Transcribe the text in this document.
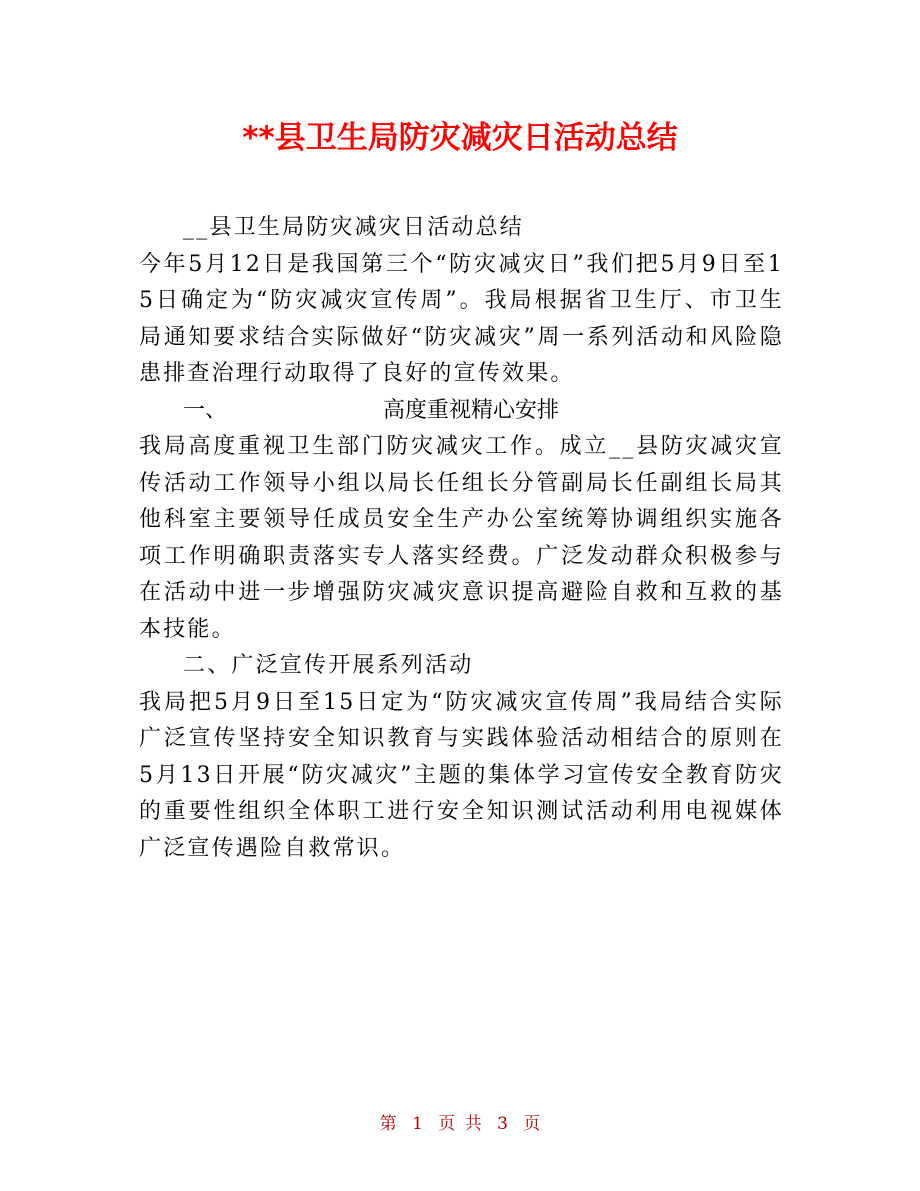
**县卫生局防灾减灾日活动总结

__县卫生局防灾减灾日活动总结

今年5月12日是我国第三个“防灾减灾日”我们把5月9日至15日确定为“防灾减灾宣传周”。我局根据省卫生厅、市卫生局通知要求结合实际做好“防灾减灾”周一系列活动和风险隐患排查治理行动取得了良好的宣传效果。

一、	高度重视精心安排

我局高度重视卫生部门防灾减灾工作。成立__县防灾减灾宣传活动工作领导小组以局长任组长分管副局长任副组长局其他科室主要领导任成员安全生产办公室统筹协调组织实施各项工作明确职责落实专人落实经费。广泛发动群众积极参与在活动中进一步增强防灾减灾意识提高避险自救和互救的基本技能。

二、广泛宣传开展系列活动

我局把5月9日至15日定为“防灾减灾宣传周”我局结合实际广泛宣传坚持安全知识教育与实践体验活动相结合的原则在5月13日开展“防灾减灾”主题的集体学习宣传安全教育防灾的重要性组织全体职工进行安全知识测试活动利用电视媒体广泛宣传遇险自救常识。

第 1 页 共 3 页
